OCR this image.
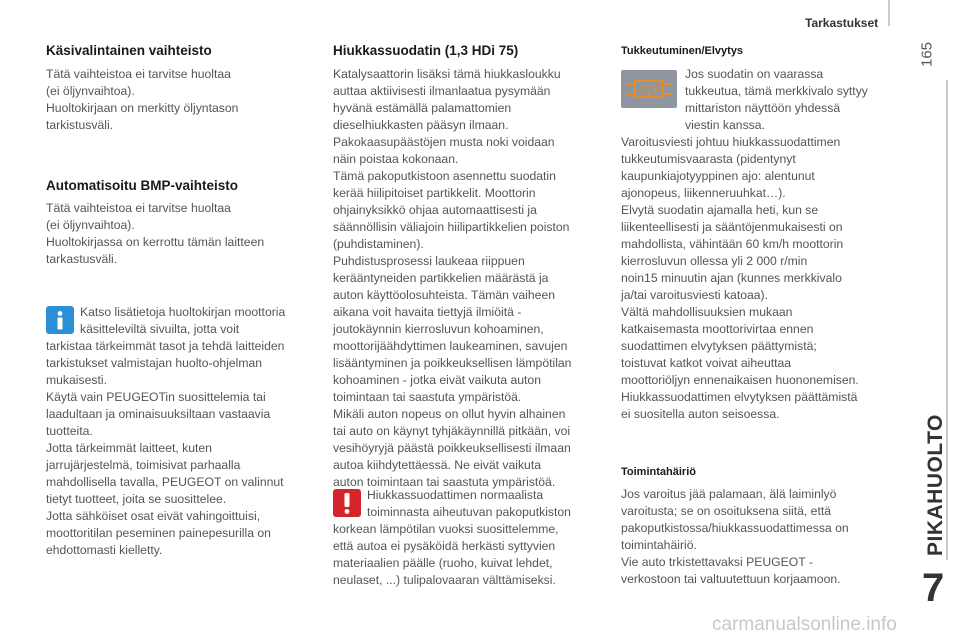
Tarkastukset
165
PIKAHUOLTO
7
Käsivalintainen vaihteisto

Tätä vaihteistoa ei tarvitse huoltaa
(ei öljynvaihtoa).
Huoltokirjaan on merkitty öljyntason
tarkistusväli.

Automatisoitu BMP-vaihteisto

Tätä vaihteistoa ei tarvitse huoltaa
(ei öljynvaihtoa).
Huoltokirjassa on kerrottu tämän laitteen
tarkastusväli.

Katso lisätietoja huoltokirjan moottoria
käsitteleviltä sivuilta, jotta voit

tarkistaa tärkeimmät tasot ja tehdä laitteiden
tarkistukset valmistajan huolto-ohjelman
mukaisesti.
Käytä vain PEUGEOTin suosittelemia tai
laadultaan ja ominaisuuksiltaan vastaavia
tuotteita.
Jotta tärkeimmät laitteet, kuten
jarrujärjestelmä, toimisivat parhaalla
mahdollisella tavalla, PEUGEOT on valinnut
tietyt tuotteet, joita se suosittelee.
Jotta sähköiset osat eivät vahingoittuisi,
moottoritilan peseminen painepesurilla on
ehdottomasti kielletty.

Hiukkassuodatin (1,3 HDi 75)

Katalysaattorin lisäksi tämä hiukkasloukku
auttaa aktiivisesti ilmanlaatua pysymään
hyvänä estämällä palamattomien
dieselhiukkasten pääsyn ilmaan.
Pakokaasupäästöjen musta noki voidaan
näin poistaa kokonaan.
Tämä pakoputkistoon asennettu suodatin
kerää hiilipitoiset partikkelit. Moottorin
ohjainyksikkö ohjaa automaattisesti ja
säännöllisin väliajoin hiilipartikkelien poiston
(puhdistaminen).
Puhdistusprosessi laukeaa riippuen
kerääntyneiden partikkelien määrästä ja
auton käyttöolosuhteista. Tämän vaiheen
aikana voit havaita tiettyjä ilmiöitä -
joutokäynnin kierrosluvun kohoaminen,
moottorijäähdyttimen laukeaminen, savujen
lisääntyminen ja poikkeuksellisen lämpötilan
kohoaminen - jotka eivät vaikuta auton
toimintaan tai saastuta ympäristöä.
Mikäli auton nopeus on ollut hyvin alhainen
tai auto on käynyt tyhjäkäynnillä pitkään, voi
vesihöyryjä päästä poikkeuksellisesti ilmaan
autoa kiihdytettäessä. Ne eivät vaikuta
auton toimintaan tai saastuta ympäristöä.

Hiukkassuodattimen normaalista
toiminnasta aiheutuvan pakoputkiston

korkean lämpötilan vuoksi suosittelemme,
että autoa ei pysäköidä herkästi syttyvien
materiaalien päälle (ruoho, kuivat lehdet,
neulaset, ...) tulipalovaaran välttämiseksi.

Tukkeutuminen/Elvytys

Jos suodatin on vaarassa
tukkeutua, tämä merkkivalo syttyy
mittariston näyttöön yhdessä
viestin kanssa.

Varoitusviesti johtuu hiukkassuodattimen
tukkeutumisvaarasta (pidentynyt
kaupunkiajotyyppinen ajo: alentunut
ajonopeus, liikenneruuhkat…).
Elvytä suodatin ajamalla heti, kun se
liikenteellisesti ja sääntöjenmukaisesti on
mahdollista, vähintään 60 km/h moottorin
kierrosluvun ollessa yli 2 000 r/min
noin15 minuutin ajan (kunnes merkkivalo
ja/tai varoitusviesti katoaa).
Vältä mahdollisuuksien mukaan
katkaisemasta moottorivirtaa ennen
suodattimen elvytyksen päättymistä;
toistuvat katkot voivat aiheuttaa
moottoriöljyn ennenaikaisen huononemisen.
Hiukkassuodattimen elvytyksen päättämistä
ei suositella auton seisoessa.

Toimintahäiriö

Jos varoitus jää palamaan, älä laiminlyö
varoitusta; se on osoituksena siitä, että
pakoputkistossa/hiukkassuodattimessa on
toimintahäiriö.
Vie auto trkistettavaksi PEUGEOT -
verkostoon tai valtuutettuun korjaamoon.

carmanualsonline.info
